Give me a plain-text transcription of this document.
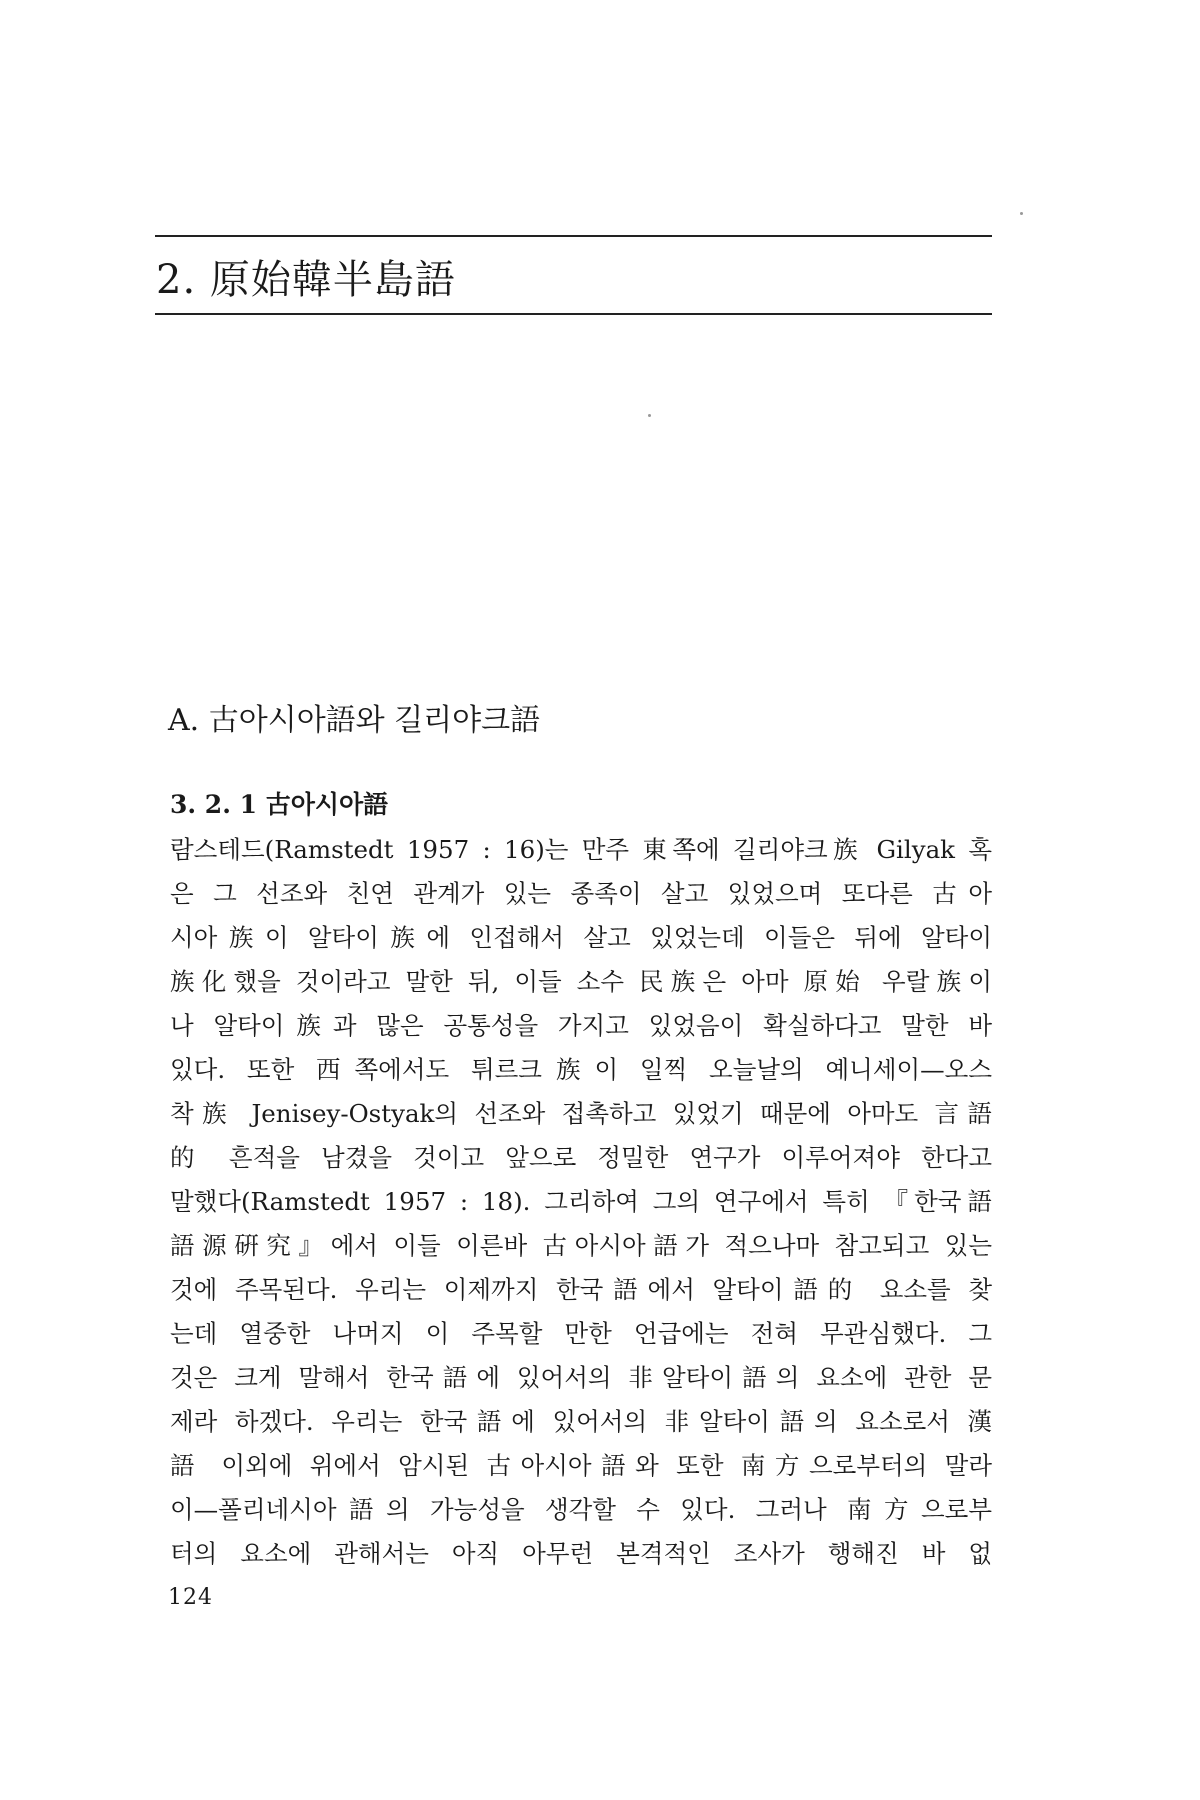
2. 原始韓半島語
A. 古아시아語와 길리야크語
3. 2. 1 古아시아語
람스테드(Ramstedt 1957 : 16)는 만주 東쪽에 길리야크族 Gilyak 혹
은 그 선조와 친연 관계가 있는 종족이 살고 있었으며 또다른 古아
시아族이 알타이族에 인접해서 살고 있었는데 이들은 뒤에 알타이
族化했을 것이라고 말한 뒤, 이들 소수 民族은 아마 原始 우랄族이
나 알타이族과 많은 공통성을 가지고 있었음이 확실하다고 말한 바
있다. 또한 西쪽에서도 튀르크族이 일찍 오늘날의 예니세이—오스
착族 Jenisey-Ostyak의 선조와 접촉하고 있었기 때문에 아마도 言語
的 흔적을 남겼을 것이고 앞으로 정밀한 연구가 이루어져야 한다고
말했다(Ramstedt 1957 : 18). 그리하여 그의 연구에서 특히 『한국語
語源硏究』에서 이들 이른바 古아시아語가 적으나마 참고되고 있는
것에 주목된다. 우리는 이제까지 한국語에서 알타이語的 요소를 찾
는데 열중한 나머지 이 주목할 만한 언급에는 전혀 무관심했다. 그
것은 크게 말해서 한국語에 있어서의 非알타이語의 요소에 관한 문
제라 하겠다. 우리는 한국語에 있어서의 非알타이語의 요소로서 漢
語 이외에 위에서 암시된 古아시아語와 또한 南方으로부터의 말라
이—폴리네시아語의 가능성을 생각할 수 있다. 그러나 南方으로부
터의 요소에 관해서는 아직 아무런 본격적인 조사가 행해진 바 없
124
